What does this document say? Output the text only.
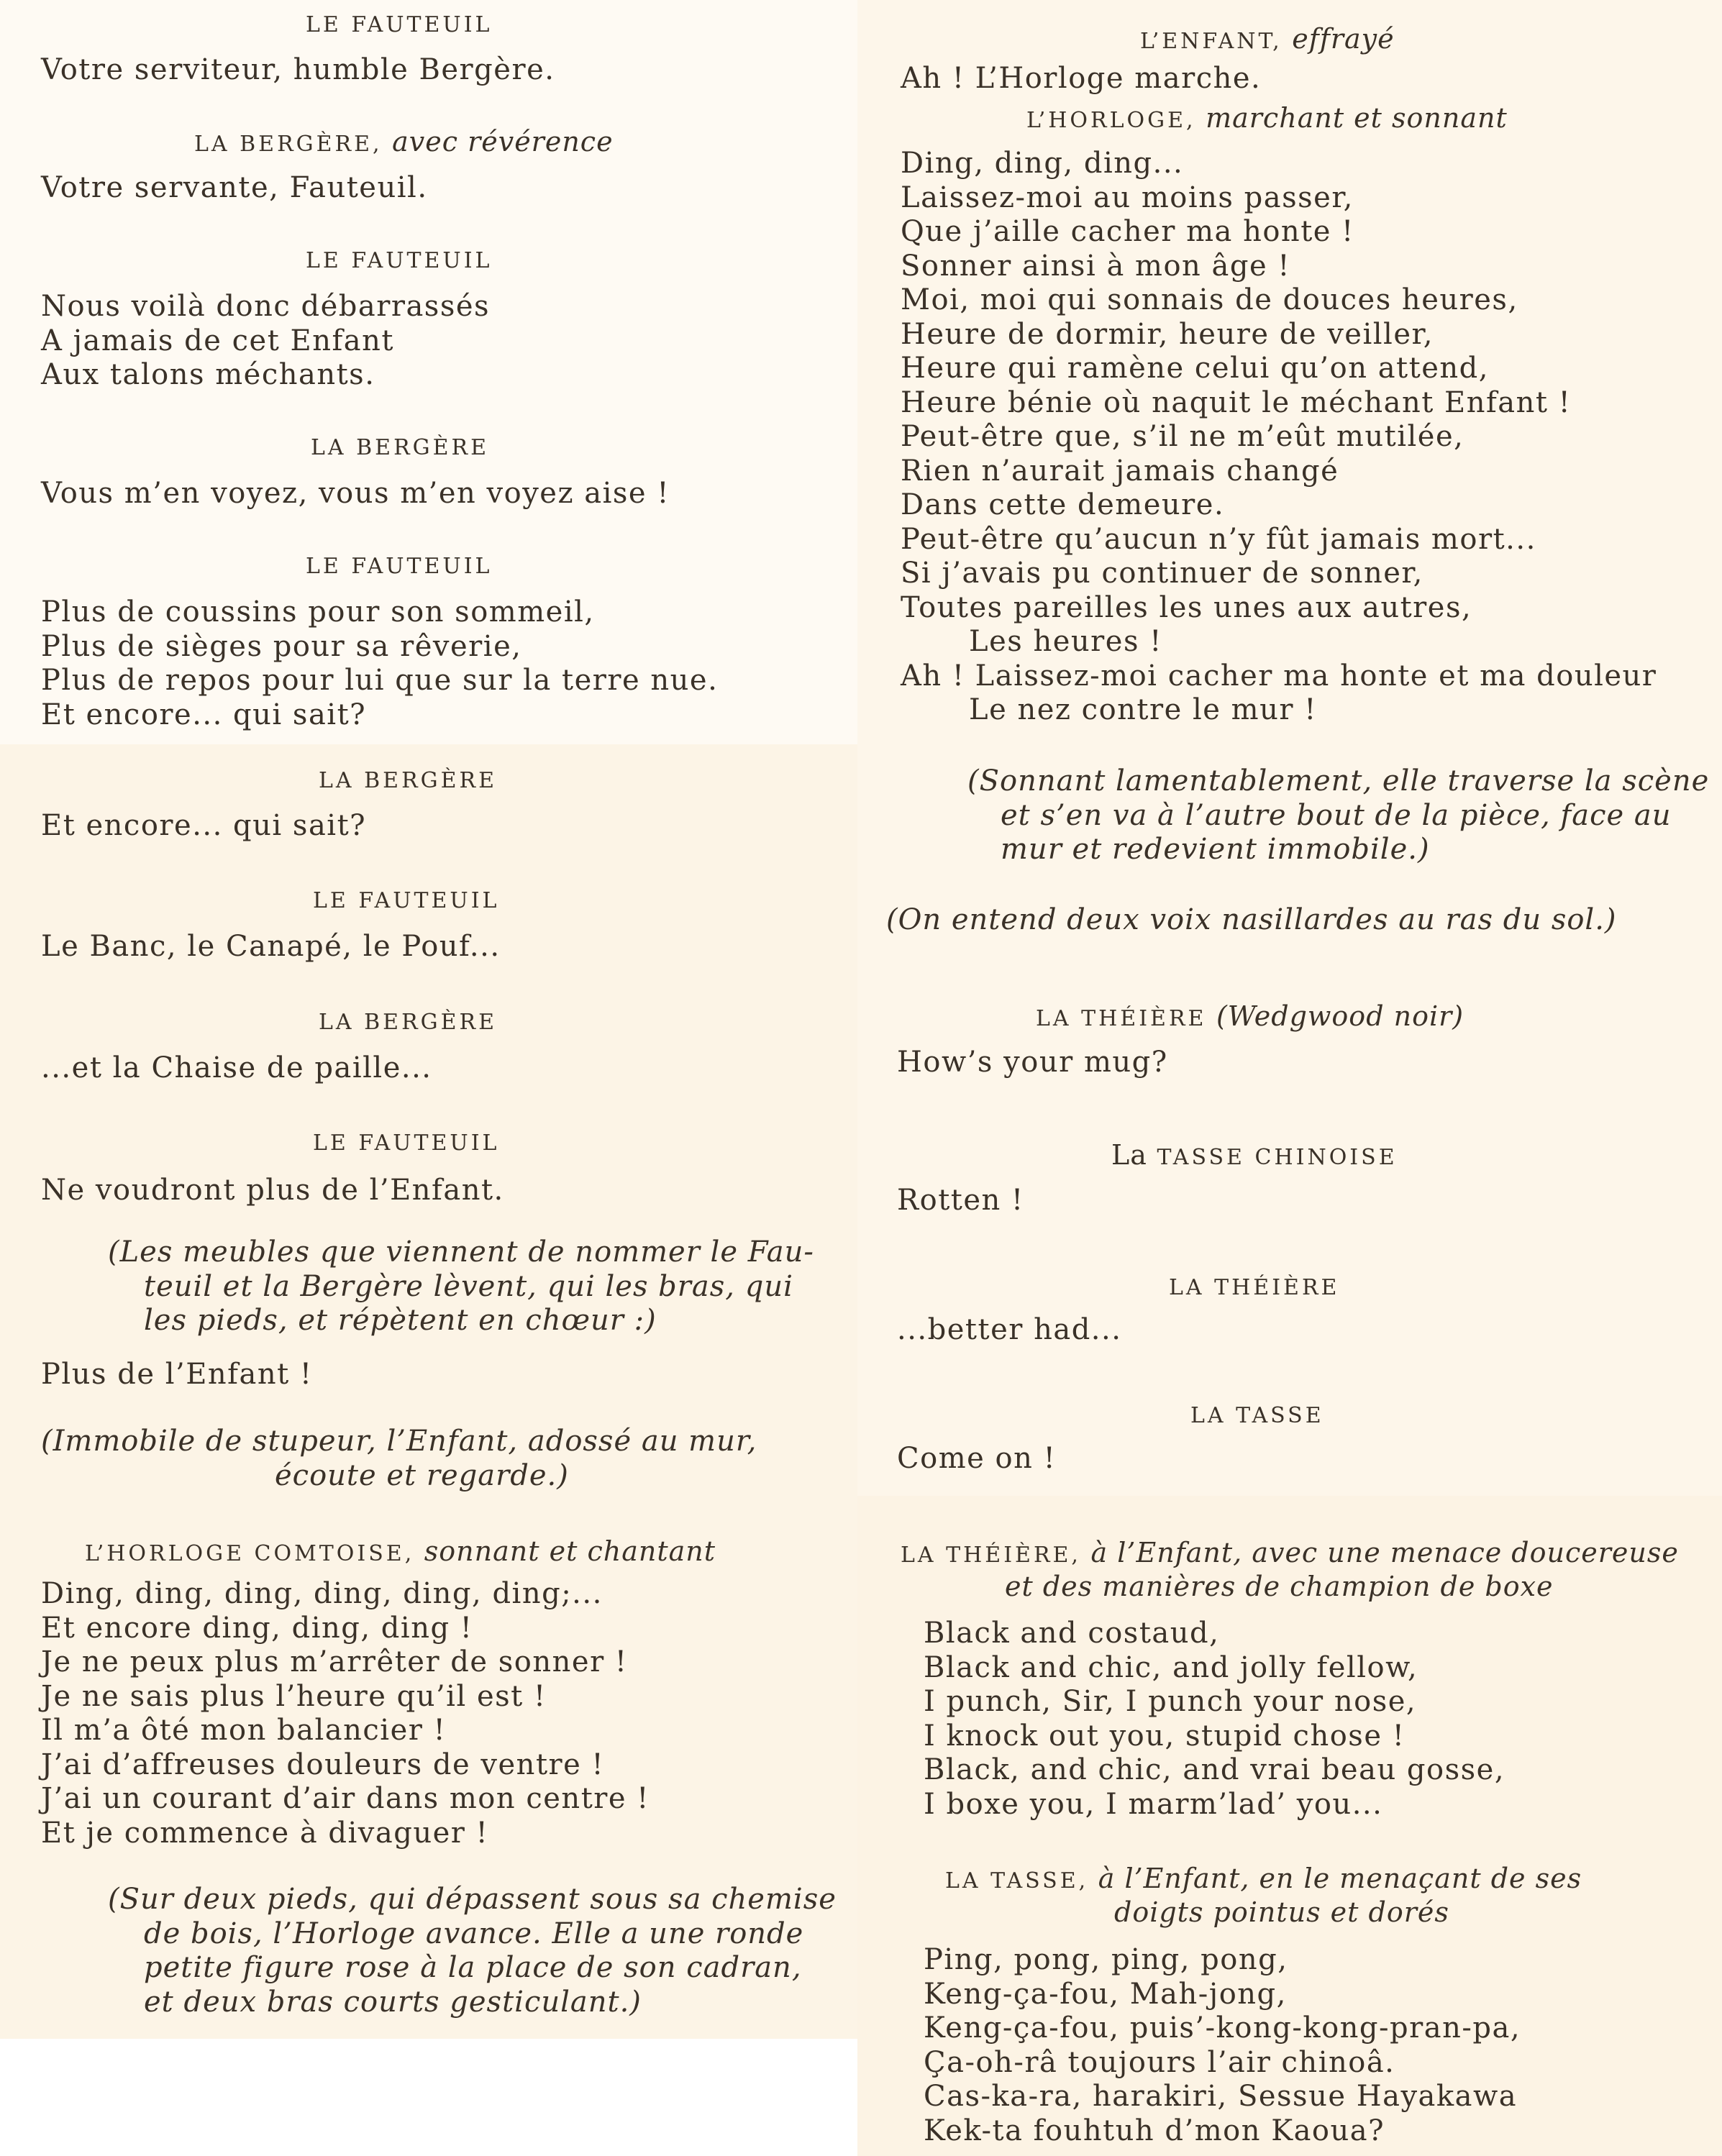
LE FAUTEUIL
Votre serviteur, humble Bergère.
LA BERGÈRE, avec révérence
Votre servante, Fauteuil.
LE FAUTEUIL
Nous voilà donc débarrassés
A jamais de cet Enfant
Aux talons méchants.
LA BERGÈRE
Vous m’en voyez, vous m’en voyez aise !
LE FAUTEUIL
Plus de coussins pour son sommeil,
Plus de sièges pour sa rêverie,
Plus de repos pour lui que sur la terre nue.
Et encore... qui sait?
LA BERGÈRE
Et encore... qui sait?
LE FAUTEUIL
Le Banc, le Canapé, le Pouf...
LA BERGÈRE
...et la Chaise de paille...
LE FAUTEUIL
Ne voudront plus de l’Enfant.
(Les meubles que viennent de nommer le Fau-
teuil et la Bergère lèvent, qui les bras, qui
les pieds, et répètent en chœur :)
Plus de l’Enfant !
(Immobile de stupeur, l’Enfant, adossé au mur,
écoute et regarde.)
L’HORLOGE COMTOISE, sonnant et chantant
Ding, ding, ding, ding, ding, ding;...
Et encore ding, ding, ding !
Je ne peux plus m’arrêter de sonner !
Je ne sais plus l’heure qu’il est !
Il m’a ôté mon balancier !
J’ai d’affreuses douleurs de ventre !
J’ai un courant d’air dans mon centre !
Et je commence à divaguer !
(Sur deux pieds, qui dépassent sous sa chemise
de bois, l’Horloge avance. Elle a une ronde
petite figure rose à la place de son cadran,
et deux bras courts gesticulant.)
L’ENFANT, effrayé
Ah ! L’Horloge marche.
L’HORLOGE, marchant et sonnant
Ding, ding, ding...
Laissez-moi au moins passer,
Que j’aille cacher ma honte !
Sonner ainsi à mon âge !
Moi, moi qui sonnais de douces heures,
Heure de dormir, heure de veiller,
Heure qui ramène celui qu’on attend,
Heure bénie où naquit le méchant Enfant !
Peut-être que, s’il ne m’eût mutilée,
Rien n’aurait jamais changé
Dans cette demeure.
Peut-être qu’aucun n’y fût jamais mort...
Si j’avais pu continuer de sonner,
Toutes pareilles les unes aux autres,
Les heures !
Ah ! Laissez-moi cacher ma honte et ma douleur
Le nez contre le mur !
(Sonnant lamentablement, elle traverse la scène
et s’en va à l’autre bout de la pièce, face au
mur et redevient immobile.)
(On entend deux voix nasillardes au ras du sol.)
LA THÉIÈRE (Wedgwood noir)
How’s your mug?
La TASSE CHINOISE
Rotten !
LA THÉIÈRE
...better had...
LA TASSE
Come on !
LA THÉIÈRE, à l’Enfant, avec une menace doucereuse
et des manières de champion de boxe
Black and costaud,
Black and chic, and jolly fellow,
I punch, Sir, I punch your nose,
I knock out you, stupid chose !
Black, and chic, and vrai beau gosse,
I boxe you, I marm’lad’ you...
LA TASSE, à l’Enfant, en le menaçant de ses
doigts pointus et dorés
Ping, pong, ping, pong,
Keng-ça-fou, Mah-jong,
Keng-ça-fou, puis’-kong-kong-pran-pa,
Ça-oh-râ toujours l’air chinoâ.
Cas-ka-ra, harakiri, Sessue Hayakawa
Kek-ta fouhtuh d’mon Kaoua?
